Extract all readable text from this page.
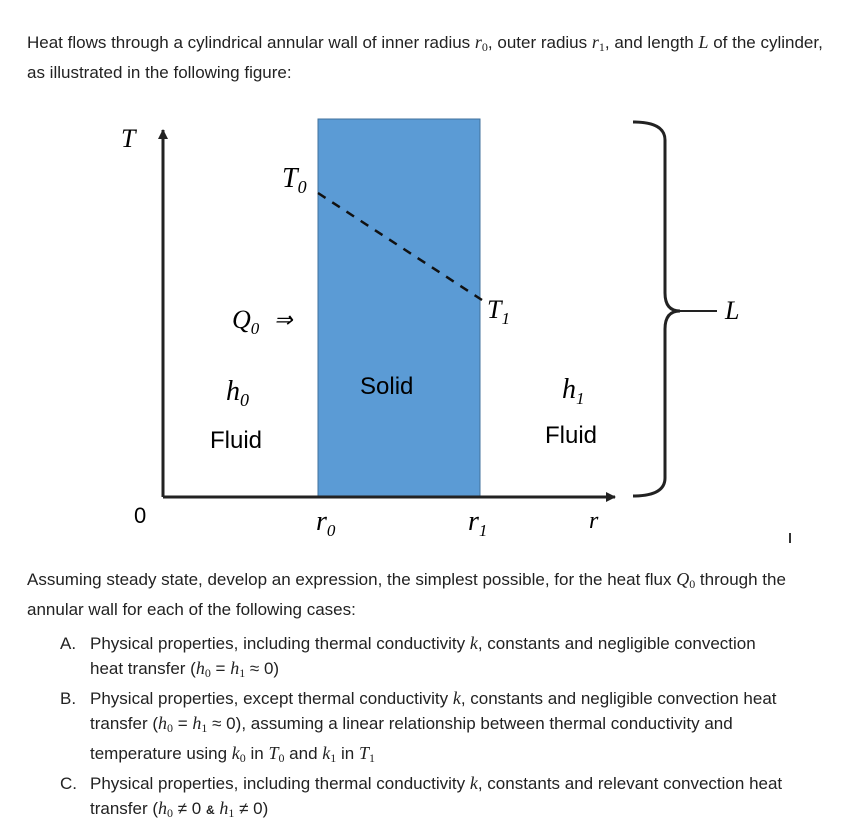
Heat flows through a cylindrical annular wall of inner radius $r_0$, outer radius $r_1$, and length L of the cylinder, as illustrated in the following figure:
T
0	r
$T_0$
$T_1$
$Q_0$ ⇒
$h_0$
Fluid
Solid	$h_1$
Fluid
$r_0$	$r_1$
L
Assuming steady state, develop an expression, the simplest possible, for the heat flux $Q_0$ through the annular wall for each of the following cases:
A. Physical properties, including thermal conductivity k, constants and negligible convection heat transfer $(h_0 = h_1 \approx 0)$
B. Physical properties, except thermal conductivity k, constants and negligible convection heat transfer $(h_0 = h_1 \approx 0)$, assuming a linear relationship between thermal conductivity and temperature using $k_0$ in $T_0$ and $k_1$ in $T_1$
C. Physical properties, including thermal conductivity k, constants and relevant convection heat transfer ($h_0 \ne 0$ & $h_1 \ne 0$)
